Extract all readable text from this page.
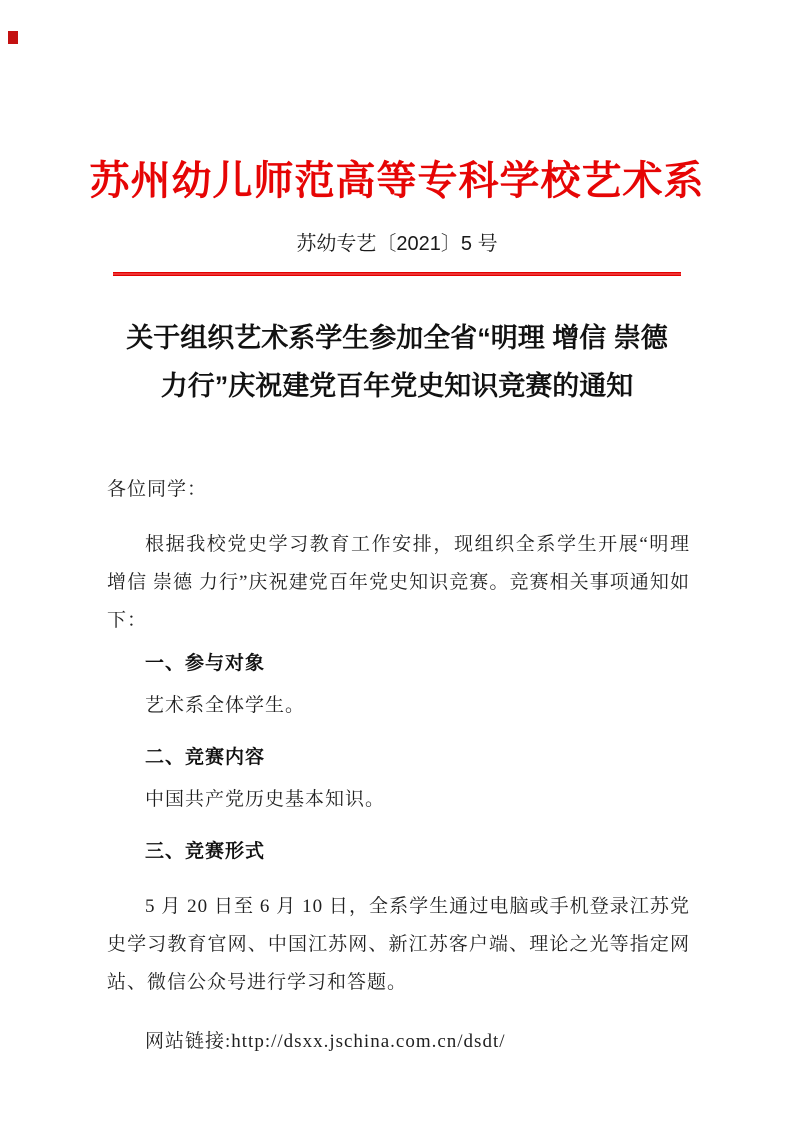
苏州幼儿师范高等专科学校艺术系
苏幼专艺〔2021〕5 号
关于组织艺术系学生参加全省“明理 增信 崇德
力行”庆祝建党百年党史知识竞赛的通知
各位同学：

根据我校党史学习教育工作安排，现组织全系学生开展“明理 增信 崇德 力行”庆祝建党百年党史知识竞赛。竞赛相关事项通知如下：

一、参与对象
艺术系全体学生。
二、竞赛内容
中国共产党历史基本知识。
三、竞赛形式

5 月 20 日至 6 月 10 日，全系学生通过电脑或手机登录江苏党史学习教育官网、中国江苏网、新江苏客户端、理论之光等指定网站、微信公众号进行学习和答题。

网站链接:http://dsxx.jschina.com.cn/dsdt/
